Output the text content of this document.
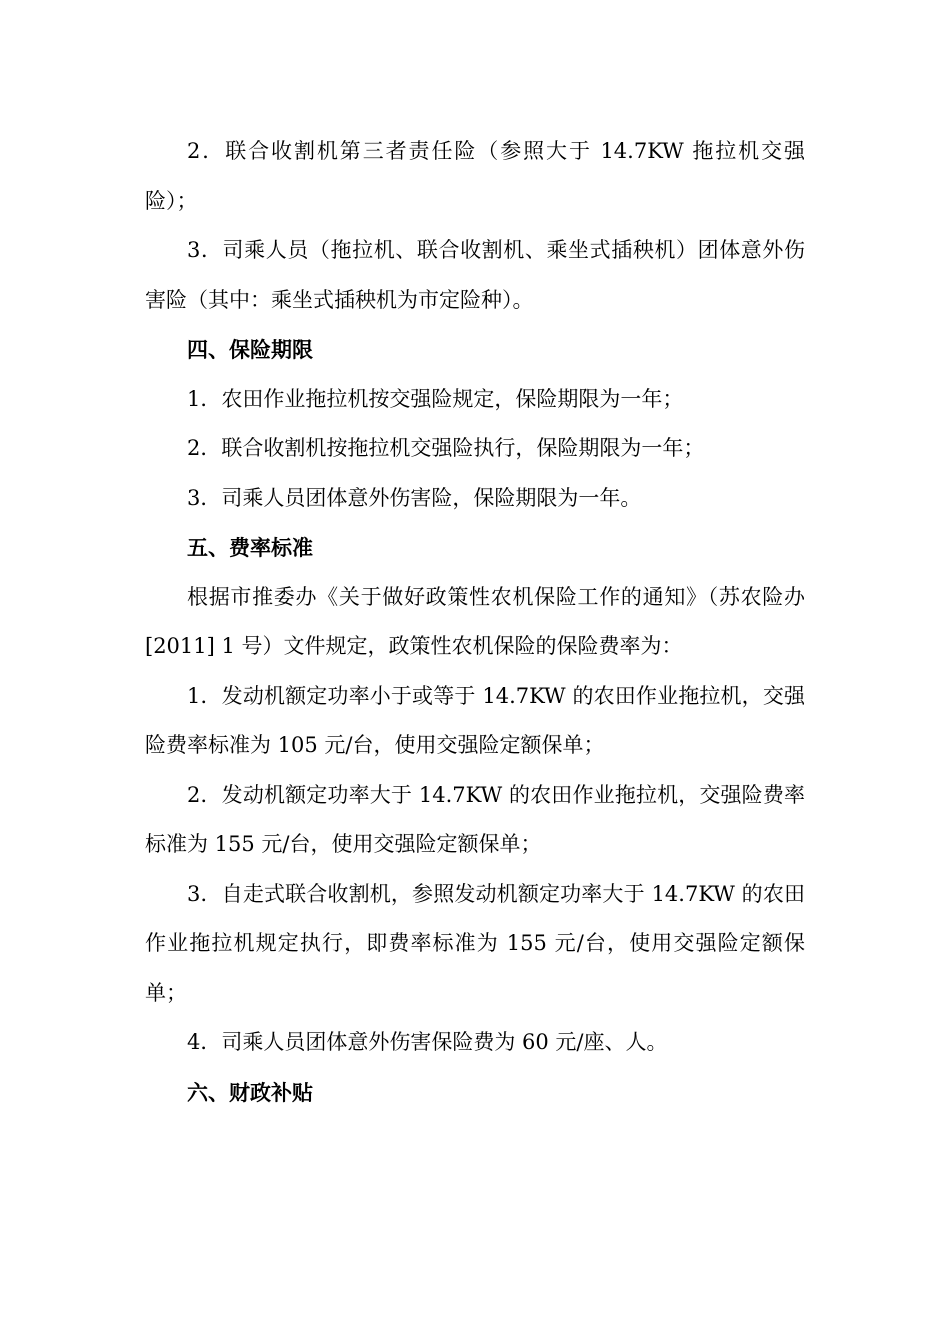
2．联合收割机第三者责任险（参照大于 14.7KW 拖拉机交强险）；

3．司乘人员（拖拉机、联合收割机、乘坐式插秧机）团体意外伤害险（其中：乘坐式插秧机为市定险种）。

四、保险期限

1．农田作业拖拉机按交强险规定，保险期限为一年；

2．联合收割机按拖拉机交强险执行，保险期限为一年；

3．司乘人员团体意外伤害险，保险期限为一年。

五、费率标准

根据市推委办《关于做好政策性农机保险工作的通知》（苏农险办[2011] 1 号）文件规定，政策性农机保险的保险费率为：

1．发动机额定功率小于或等于 14.7KW 的农田作业拖拉机，交强险费率标准为 105 元/台，使用交强险定额保单；

2．发动机额定功率大于 14.7KW 的农田作业拖拉机，交强险费率标准为 155 元/台，使用交强险定额保单；

3．自走式联合收割机，参照发动机额定功率大于 14.7KW 的农田作业拖拉机规定执行，即费率标准为 155 元/台，使用交强险定额保单；

4．司乘人员团体意外伤害保险费为 60 元/座、人。

六、财政补贴
